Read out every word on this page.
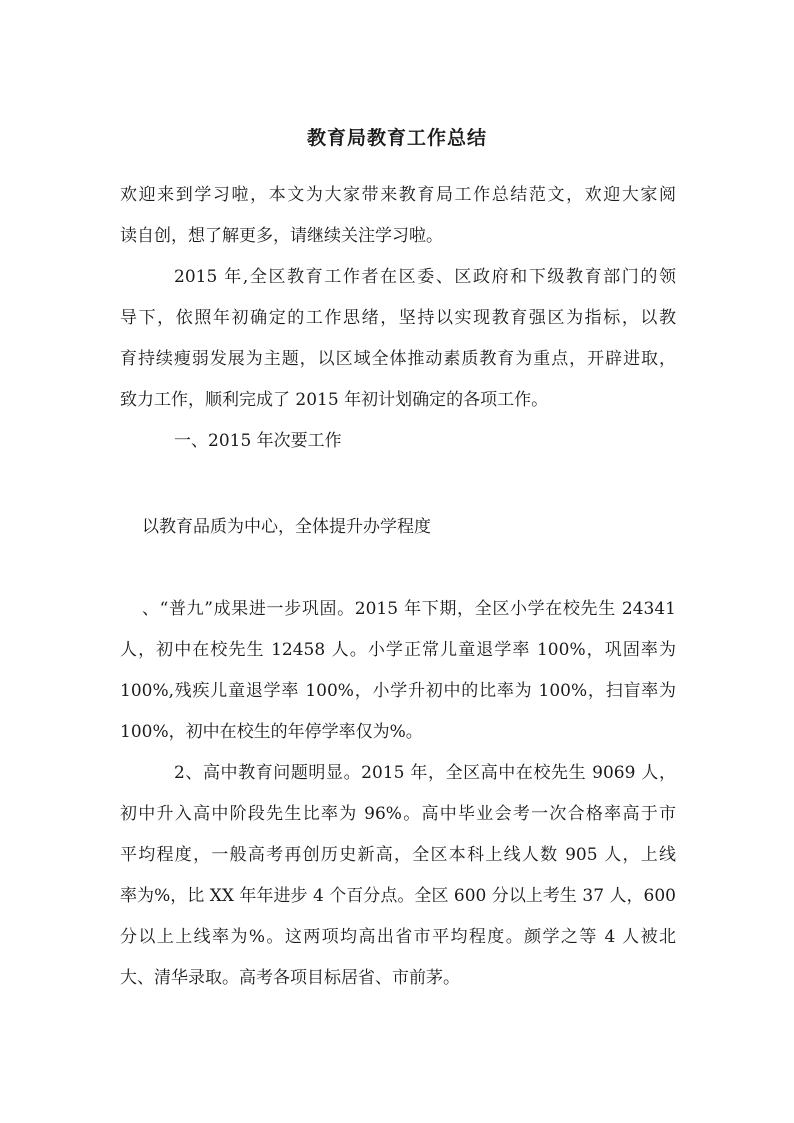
教育局教育工作总结
欢迎来到学习啦，本文为大家带来教育局工作总结范文，欢迎大家阅
读自创，想了解更多，请继续关注学习啦。
2015 年,全区教育工作者在区委、区政府和下级教育部门的领
导下，依照年初确定的工作思绪，坚持以实现教育强区为指标，以教
育持续瘦弱发展为主题，以区域全体推动素质教育为重点，开辟进取，
致力工作，顺利完成了 2015 年初计划确定的各项工作。
一、2015 年次要工作
以教育品质为中心，全体提升办学程度
、“普九”成果进一步巩固。2015 年下期，全区小学在校先生 24341
人，初中在校先生 12458 人。小学正常儿童退学率 100%，巩固率为
100%,残疾儿童退学率 100%，小学升初中的比率为 100%，扫盲率为
100%，初中在校生的年停学率仅为%。
2、高中教育问题明显。2015 年，全区高中在校先生 9069 人，
初中升入高中阶段先生比率为 96%。高中毕业会考一次合格率高于市
平均程度，一般高考再创历史新高，全区本科上线人数 905 人，上线
率为%，比 XX 年年进步 4 个百分点。全区 600 分以上考生 37 人，600
分以上上线率为%。这两项均高出省市平均程度。颜学之等 4 人被北
大、清华录取。高考各项目标居省、市前茅。
